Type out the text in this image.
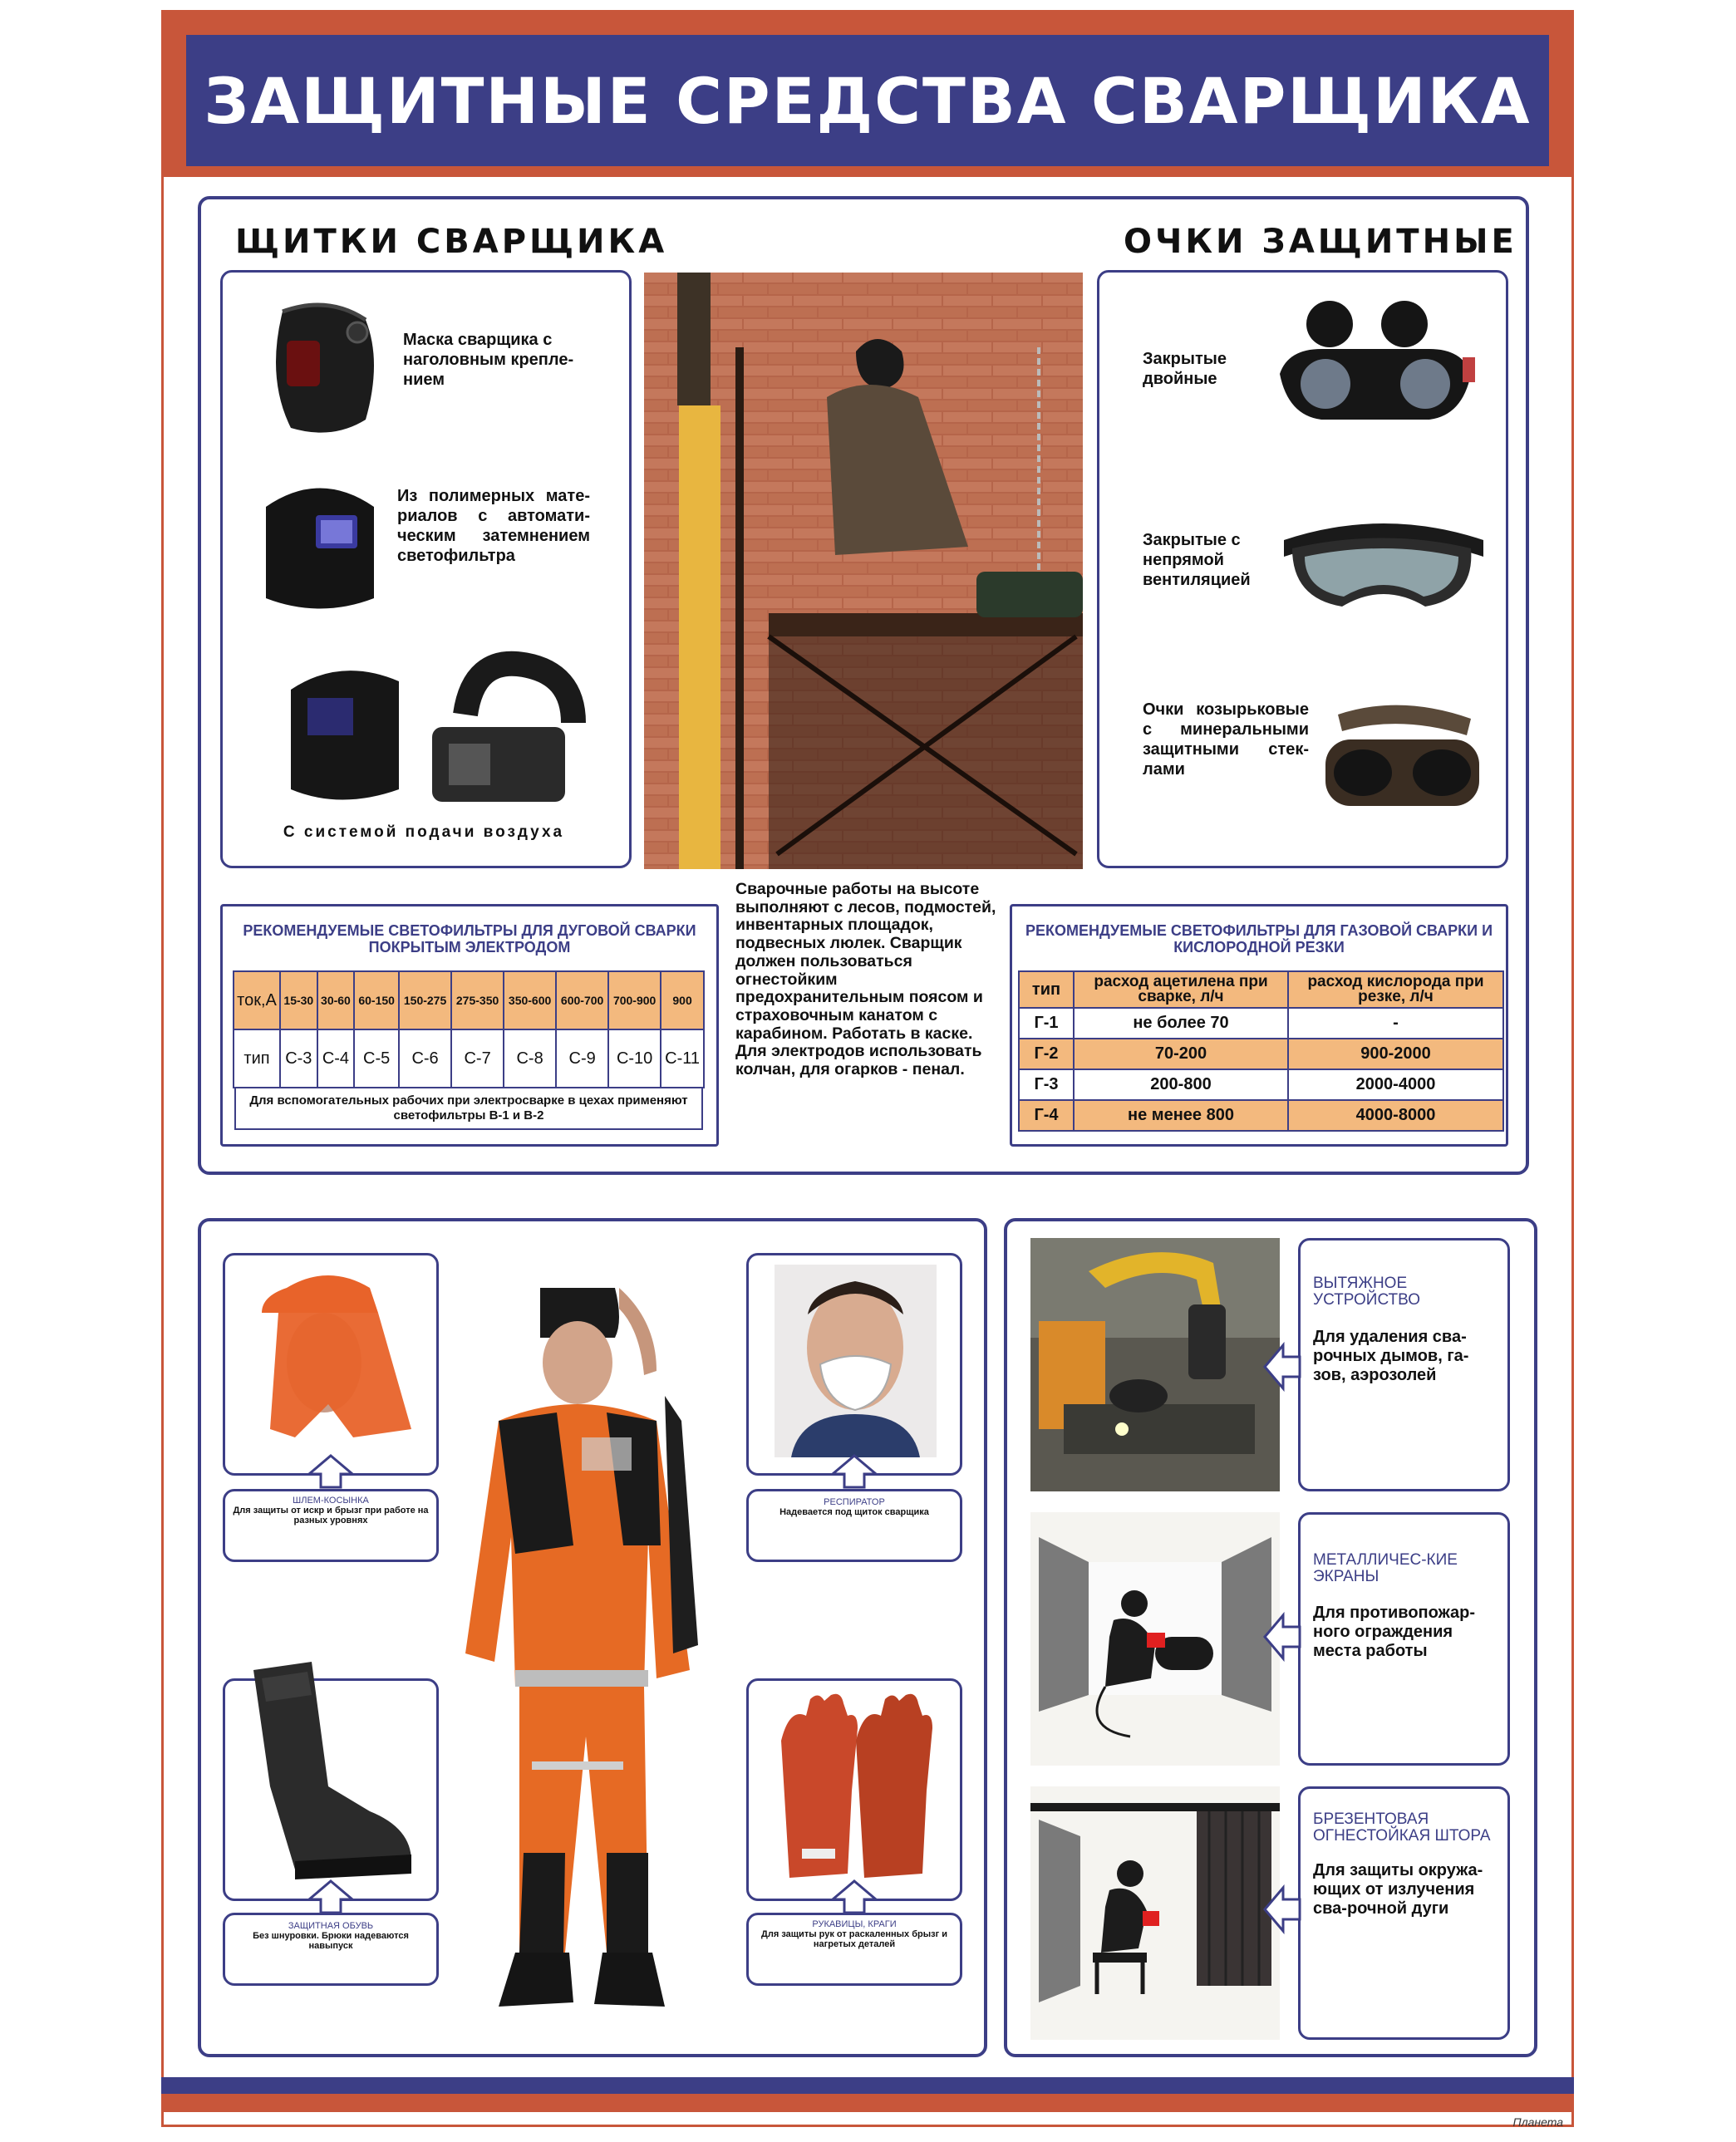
ЗАЩИТНЫЕ СРЕДСТВА СВАРЩИКА
ЩИТКИ СВАРЩИКА	ОЧКИ ЗАЩИТНЫЕ
Маска сварщика с наголовным крепле-нием
Из полимерных мате-риалов с автомати-ческим затемнением светофильтра
С системой подачи воздуха
Закрытые двойные
Закрытые с непрямой вентиляцией
Очки козырьковые с минеральными защитными стек-лами
РЕКОМЕНДУЕМЫЕ СВЕТОФИЛЬТРЫ ДЛЯ ДУГОВОЙ СВАРКИ ПОКРЫТЫМ ЭЛЕКТРОДОМ
ток,А	15-30	30-60	60-150	150-275	275-350	350-600	600-700	700-900	900
тип	С-3	С-4	С-5	С-6	С-7	С-8	С-9	С-10	С-11
Для вспомогательных рабочих при электросварке в цехах применяют светофильтры В-1 и В-2
Сварочные работы на высоте выполняют с лесов, подмостей, инвентарных площадок, подвесных люлек. Сварщик должен пользоваться огнестойким предохранительным поясом и страховочным канатом с карабином. Работать в каске. Для электродов использовать колчан, для огарков - пенал.
РЕКОМЕНДУЕМЫЕ СВЕТОФИЛЬТРЫ ДЛЯ ГАЗОВОЙ СВАРКИ И КИСЛОРОДНОЙ РЕЗКИ
тип	расход ацетилена при сварке, л/ч	расход кислорода при резке, л/ч
Г-1	не более 70	-
Г-2	70-200	900-2000
Г-3	200-800	2000-4000
Г-4	не менее 800	4000-8000
ШЛЕМ-КОСЫНКА
Для защиты от искр и брызг при работе на разных уровнях
РЕСПИРАТОР
Надевается под щиток сварщика
ЗАЩИТНАЯ ОБУВЬ
Без шнуровки. Брюки надеваются навыпуск
РУКАВИЦЫ, КРАГИ
Для защиты рук от раскаленных брызг и нагретых деталей
ВЫТЯЖНОЕ УСТРОЙСТВО
Для удаления сва-рочных дымов, га-зов, аэрозолей
МЕТАЛЛИЧЕС-КИЕ ЭКРАНЫ
Для противопожар-ного ограждения места работы
БРЕЗЕНТОВАЯ ОГНЕСТОЙКАЯ ШТОРА
Для защиты окружа-ющих от излучения сва-рочной дуги
Планета
